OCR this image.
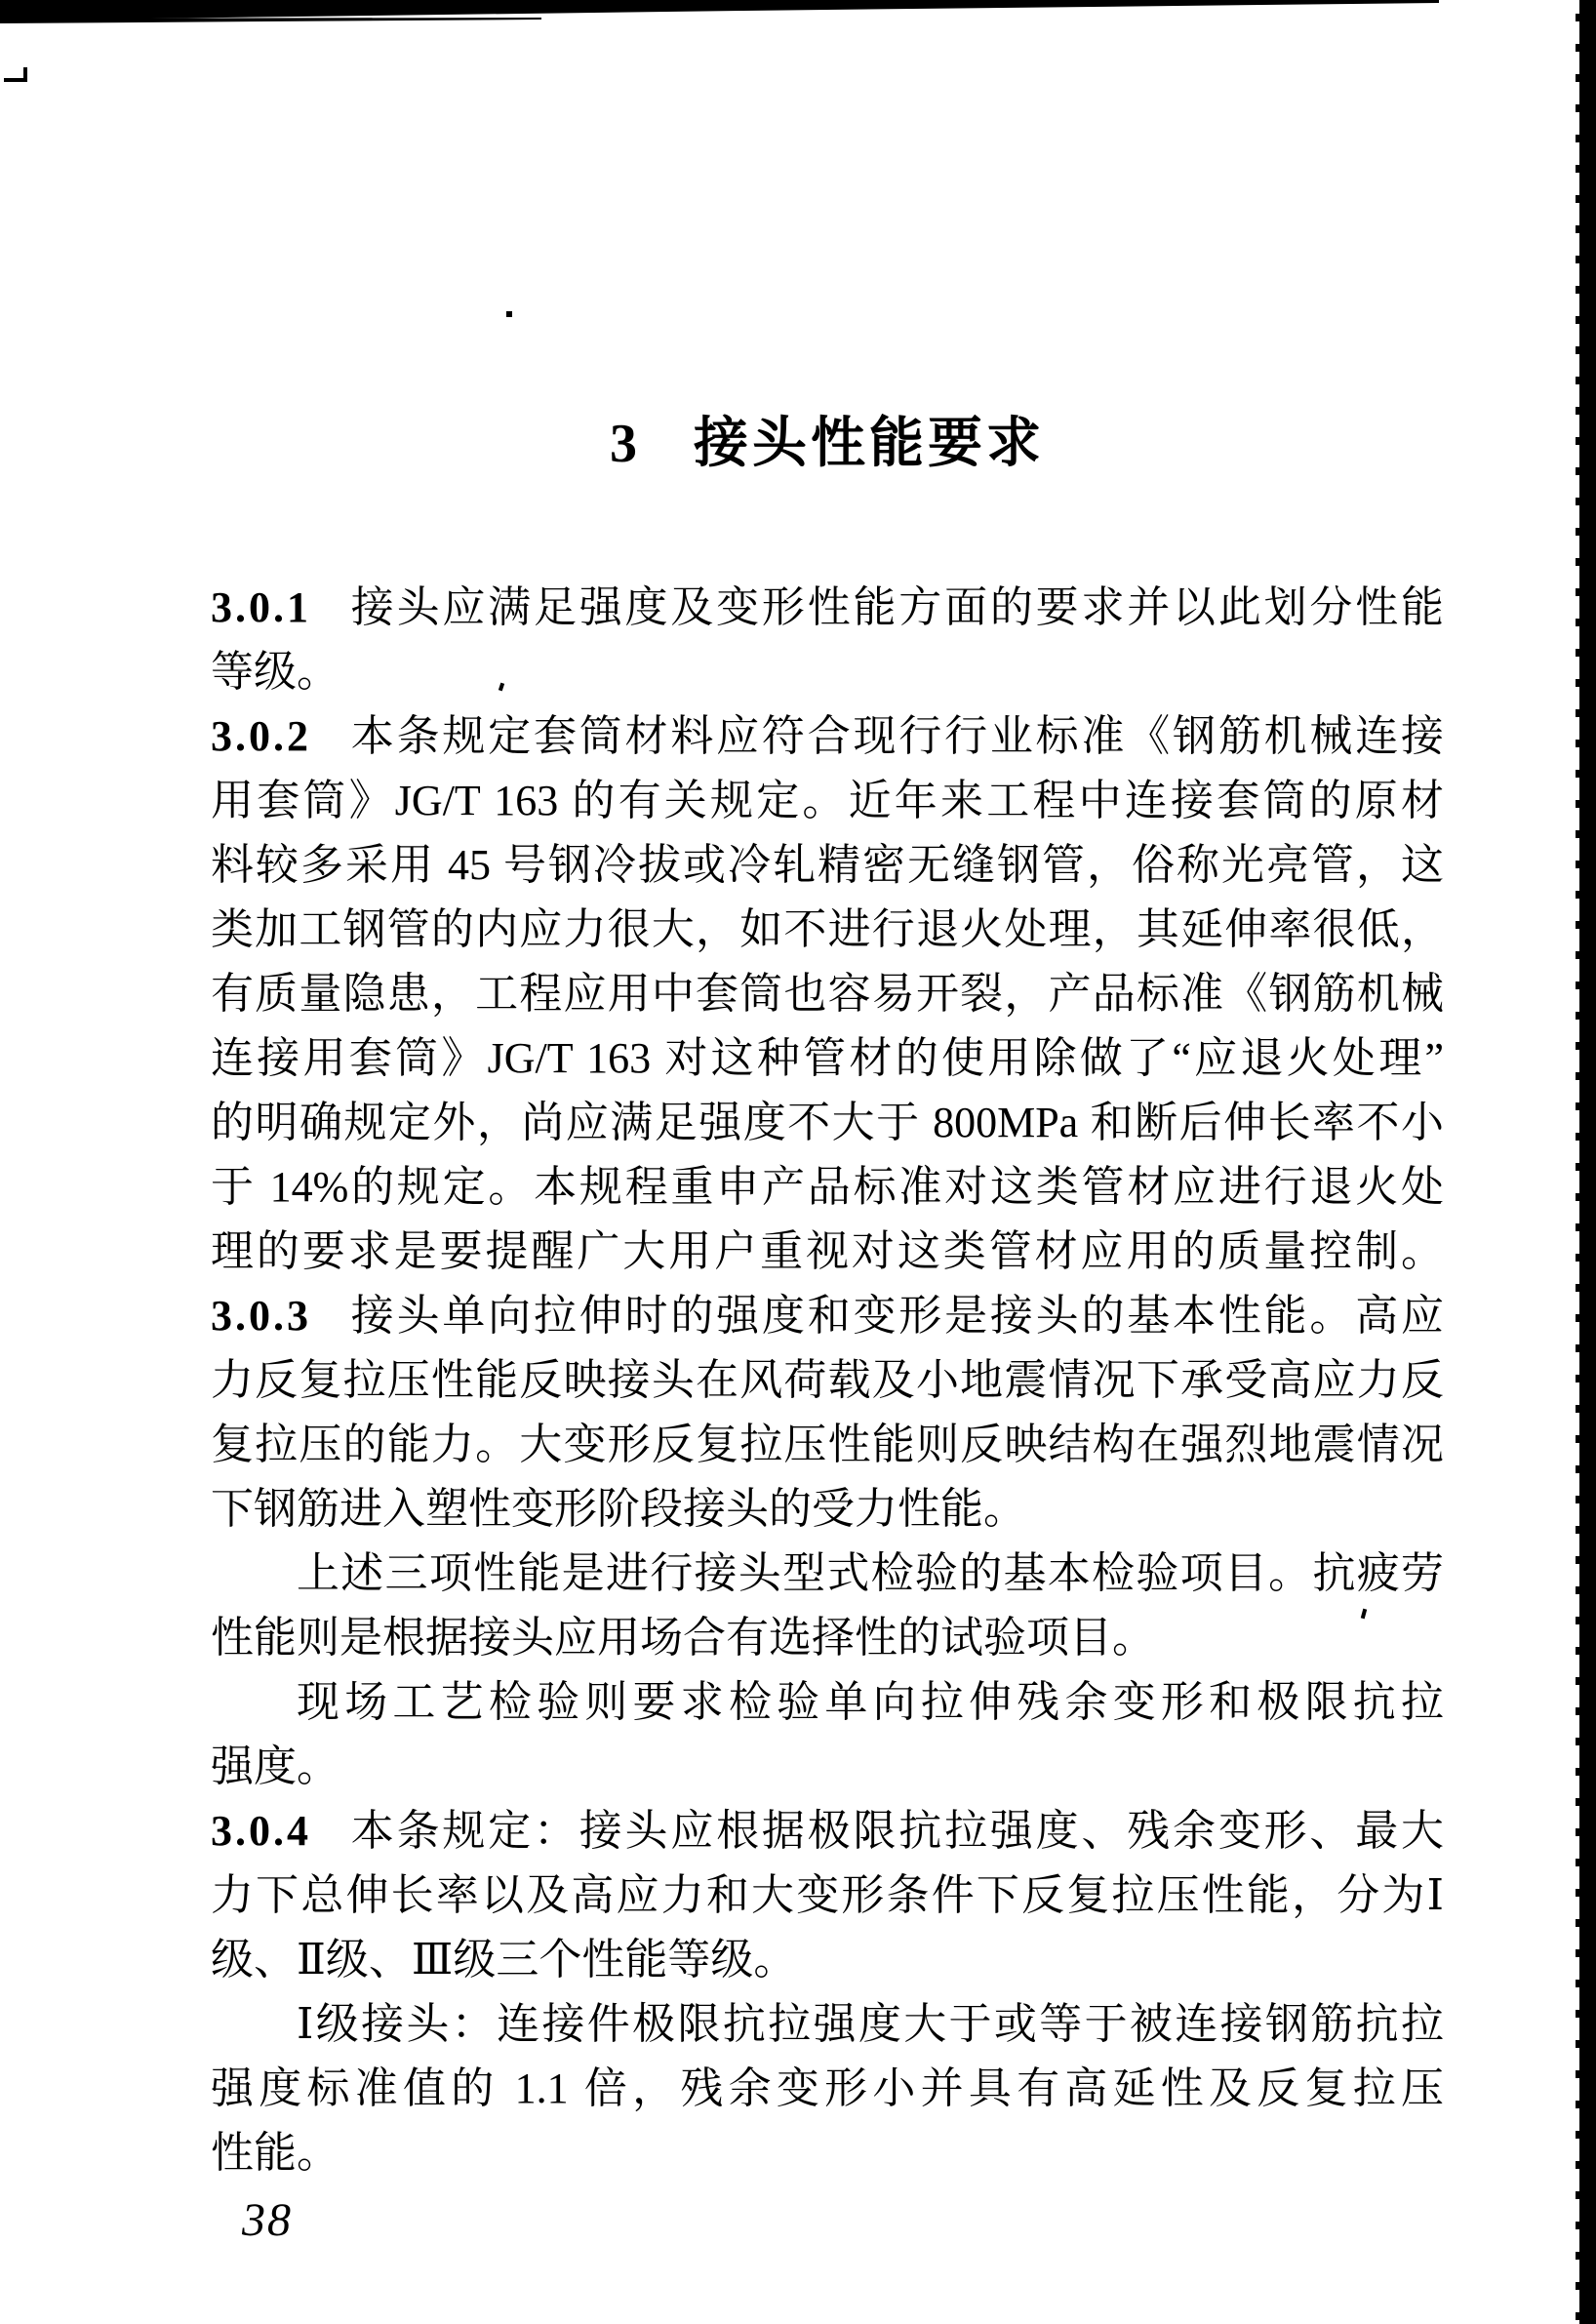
3   接头性能要求
3.0.1 接头应满足强度及变形性能方面的要求并以此划分性能
等级。
3.0.2 本条规定套筒材料应符合现行行业标准《钢筋机械连接
用套筒》JG/T 163 的有关规定。近年来工程中连接套筒的原材
料较多采用 45 号钢冷拔或冷轧精密无缝钢管，俗称光亮管，这
类加工钢管的内应力很大，如不进行退火处理，其延伸率很低，
有质量隐患，工程应用中套筒也容易开裂，产品标准《钢筋机械
连接用套筒》JG/T 163 对这种管材的使用除做了“应退火处理”
的明确规定外，尚应满足强度不大于 800MPa 和断后伸长率不小
于 14%的规定。本规程重申产品标准对这类管材应进行退火处
理的要求是要提醒广大用户重视对这类管材应用的质量控制。
3.0.3 接头单向拉伸时的强度和变形是接头的基本性能。高应
力反复拉压性能反映接头在风荷载及小地震情况下承受高应力反
复拉压的能力。大变形反复拉压性能则反映结构在强烈地震情况
下钢筋进入塑性变形阶段接头的受力性能。
上述三项性能是进行接头型式检验的基本检验项目。抗疲劳
性能则是根据接头应用场合有选择性的试验项目。
现场工艺检验则要求检验单向拉伸残余变形和极限抗拉
强度。
3.0.4 本条规定：接头应根据极限抗拉强度、残余变形、最大
力下总伸长率以及高应力和大变形条件下反复拉压性能，分为Ⅰ
级、Ⅱ级、Ⅲ级三个性能等级。
Ⅰ级接头：连接件极限抗拉强度大于或等于被连接钢筋抗拉
强度标准值的 1.1 倍，残余变形小并具有高延性及反复拉压
性能。
38
